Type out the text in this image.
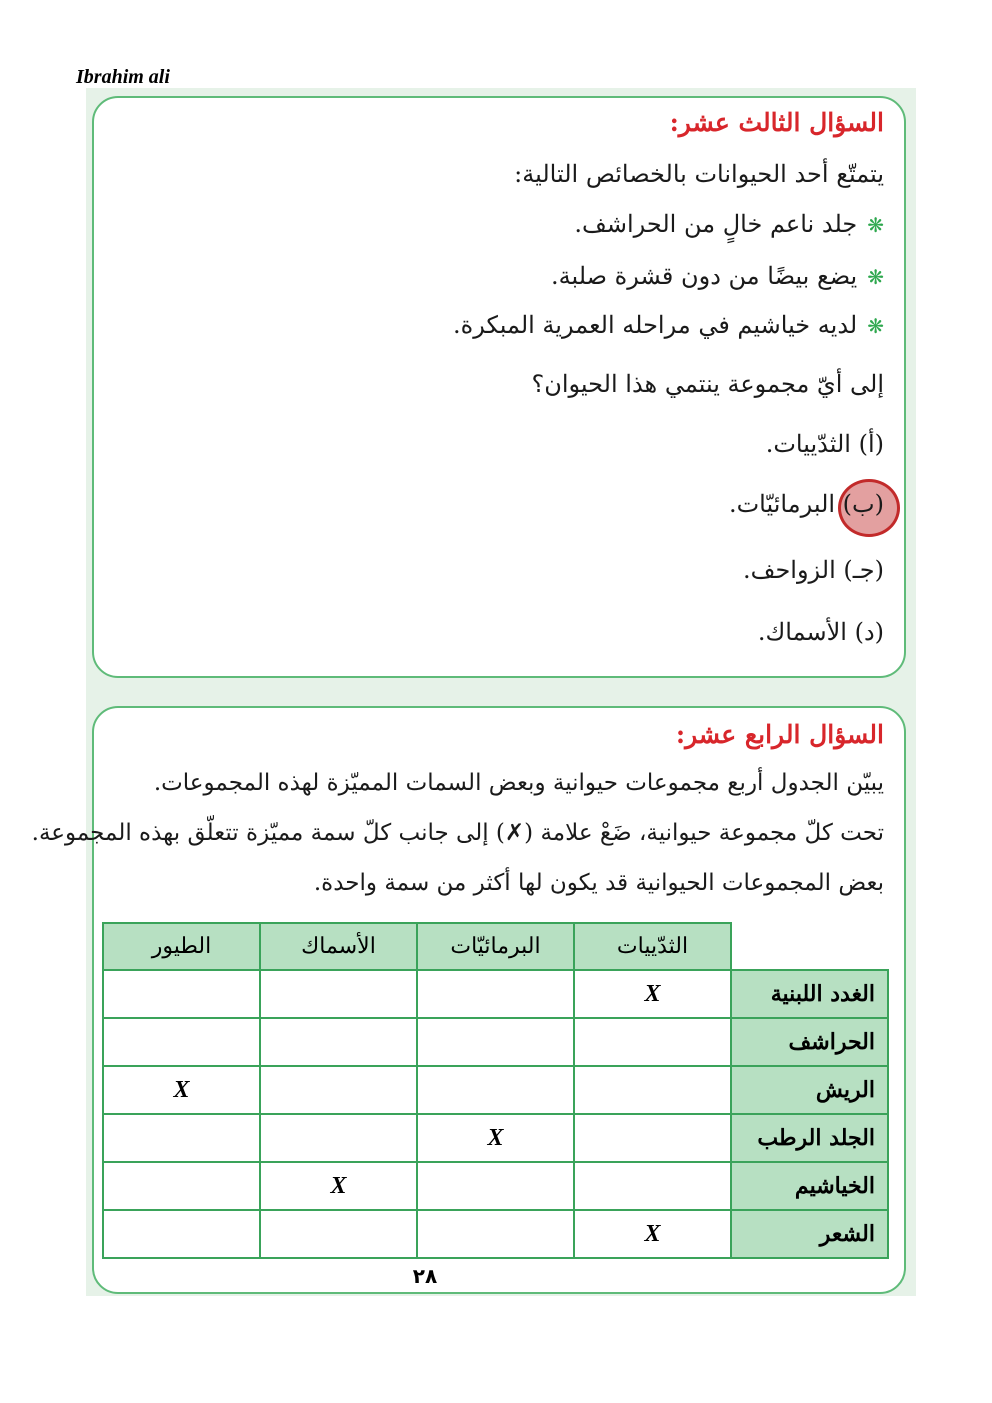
Ibrahim ali
السؤال الثالث عشر:
يتمتّع أحد الحيوانات بالخصائص التالية:
❋جلد ناعم خالٍ من الحراشف.
❋يضع بيضًا من دون قشرة صلبة.
❋لديه خياشيم في مراحله العمرية المبكرة.
إلى أيّ مجموعة ينتمي هذا الحيوان؟
(أ) الثدّييات.
(ب) البرمائيّات.
(جـ) الزواحف.
(د) الأسماك.
السؤال الرابع عشر:
يبيّن الجدول أربع مجموعات حيوانية وبعض السمات المميّزة لهذه المجموعات.
تحت كلّ مجموعة حيوانية، ضَعْ علامة (✗) إلى جانب كلّ سمة مميّزة تتعلّق بهذه المجموعة.
بعض المجموعات الحيوانية قد يكون لها أكثر من سمة واحدة.
الطيور	الأسماك	البرمائيّات	الثدّييات	
			X	الغدد اللبنية
				الحراشف
X				الريش
		X		الجلد الرطب
	X			الخياشيم
			X	الشعر
٢٨
